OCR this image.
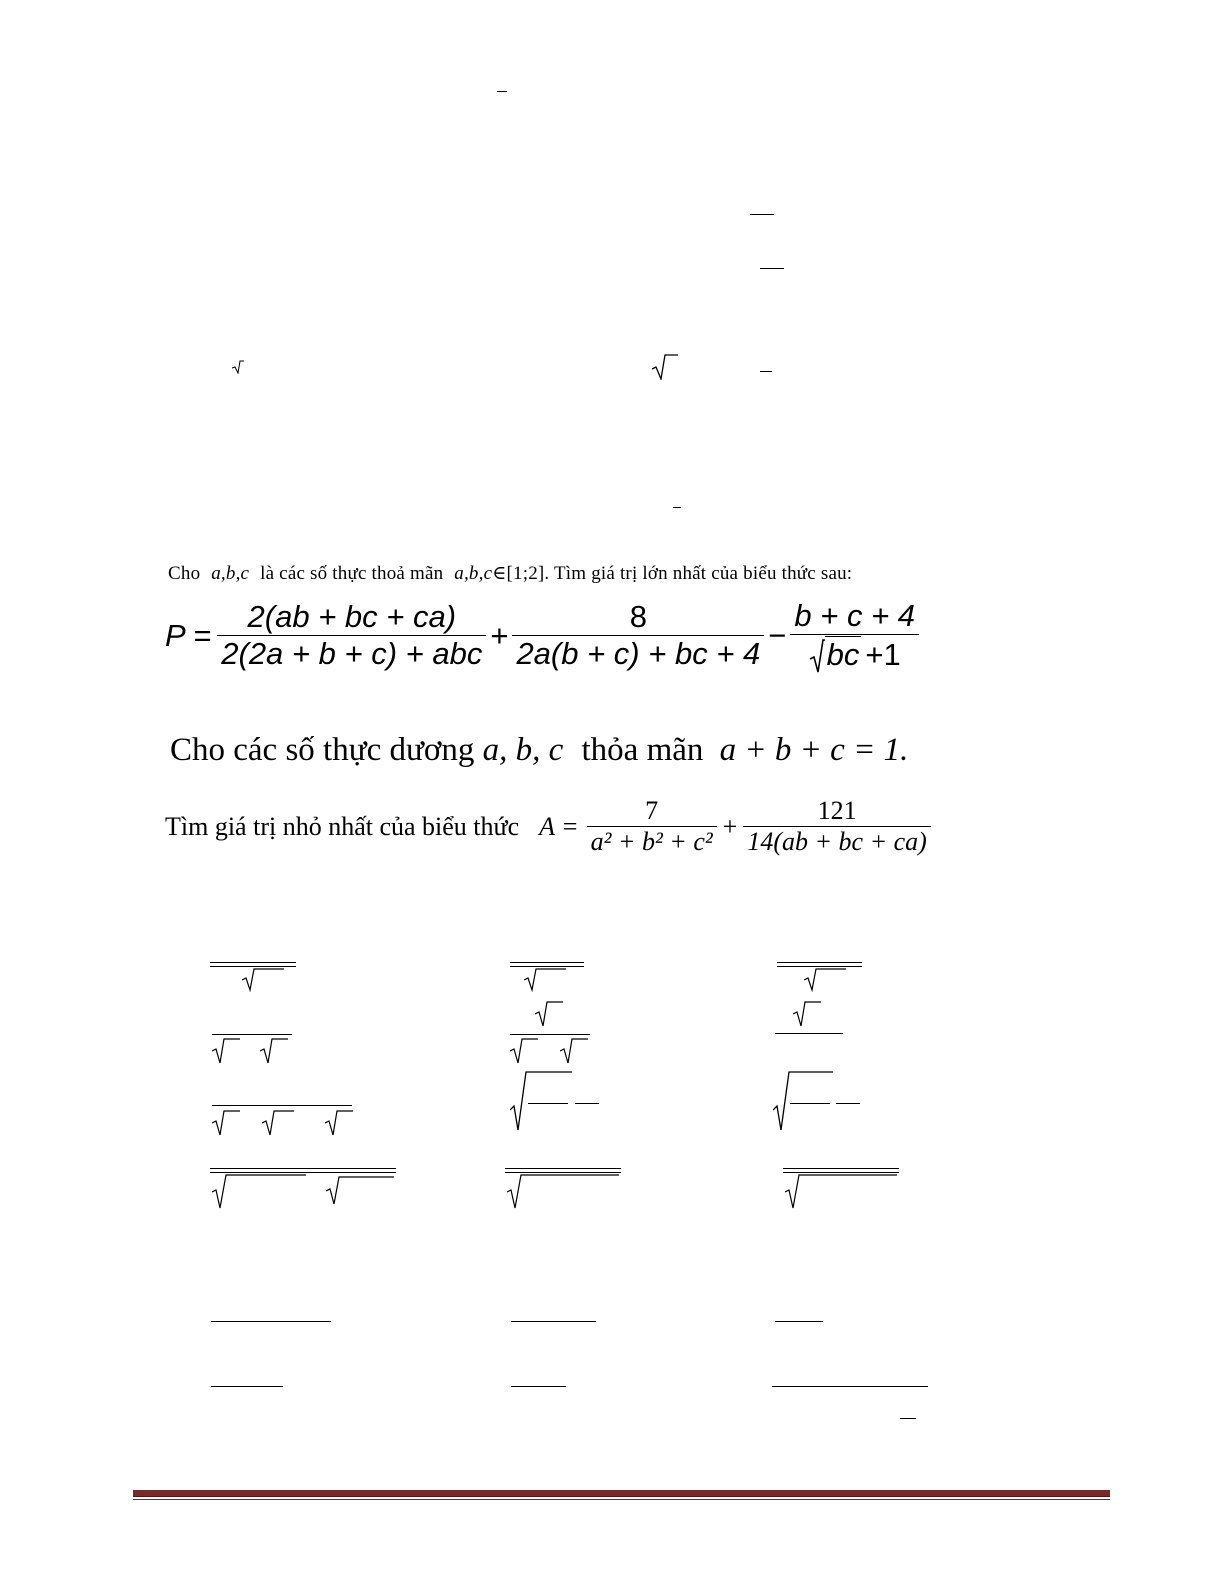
Cho a,b,c là các số thực thoả mãn a,b,c∈[1;2]. Tìm giá trị lớn nhất của biểu thức sau:
$P = \frac{2(ab + bc + ca)}{\text{2(2a + b + c) + abc}} + \frac{8}{2a(b + c) + bc + 4} - \frac{b + c + 4}{bc +1}$
Cho các số thực dương a, b, c thỏa mãn a + b + c = 1.
Tìm giá trị nhỏ nhất của biểu thức $A = \frac{7}{\text{a² + b² + c²}} + \frac{121}{14(ab + bc + ca)}$
